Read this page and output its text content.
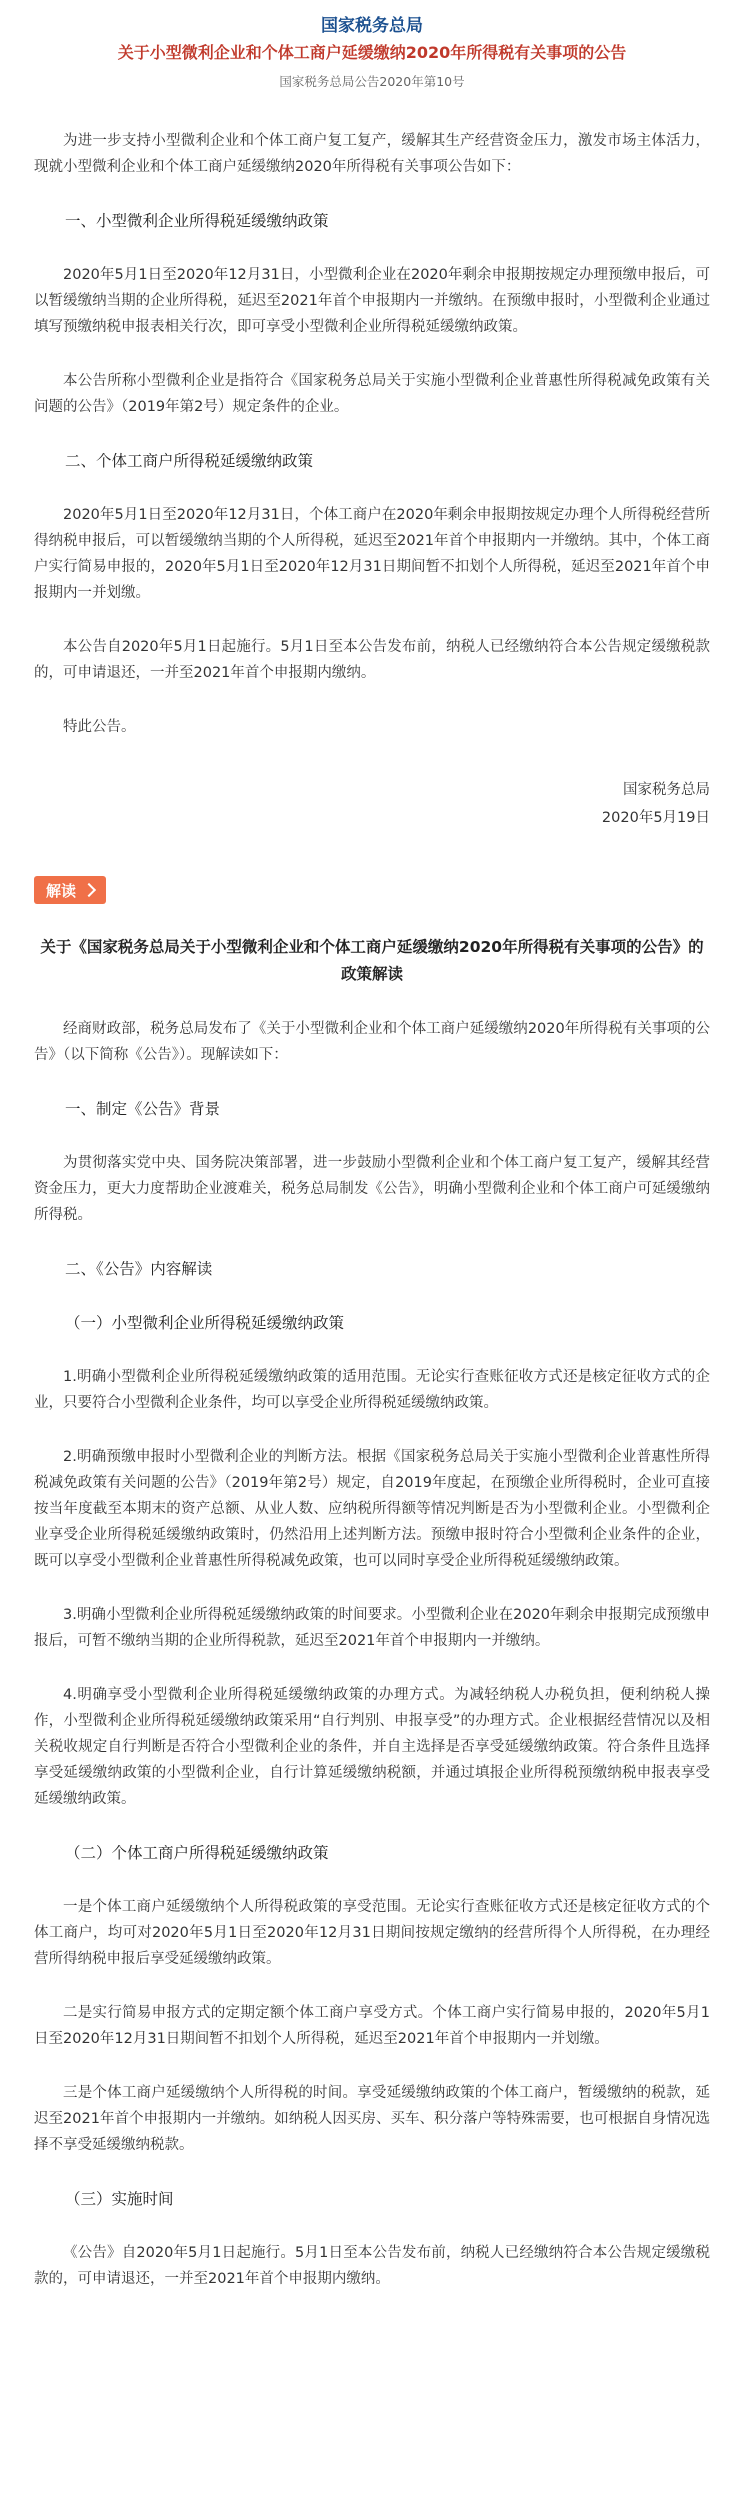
国家税务总局
关于小型微利企业和个体工商户延缓缴纳2020年所得税有关事项的公告
国家税务总局公告2020年第10号

为进一步支持小型微利企业和个体工商户复工复产，缓解其生产经营资金压力，激发市场主体活力，现就小型微利企业和个体工商户延缓缴纳2020年所得税有关事项公告如下：

一、小型微利企业所得税延缓缴纳政策

2020年5月1日至2020年12月31日，小型微利企业在2020年剩余申报期按规定办理预缴申报后，可以暂缓缴纳当期的企业所得税，延迟至2021年首个申报期内一并缴纳。在预缴申报时，小型微利企业通过填写预缴纳税申报表相关行次，即可享受小型微利企业所得税延缓缴纳政策。

本公告所称小型微利企业是指符合《国家税务总局关于实施小型微利企业普惠性所得税减免政策有关问题的公告》（2019年第2号）规定条件的企业。

二、个体工商户所得税延缓缴纳政策

2020年5月1日至2020年12月31日，个体工商户在2020年剩余申报期按规定办理个人所得税经营所得纳税申报后，可以暂缓缴纳当期的个人所得税，延迟至2021年首个申报期内一并缴纳。其中，个体工商户实行简易申报的，2020年5月1日至2020年12月31日期间暂不扣划个人所得税，延迟至2021年首个申报期内一并划缴。

本公告自2020年5月1日起施行。5月1日至本公告发布前，纳税人已经缴纳符合本公告规定缓缴税款的，可申请退还，一并至2021年首个申报期内缴纳。

特此公告。

国家税务总局
2020年5月19日
解读
关于《国家税务总局关于小型微利企业和个体工商户延缓缴纳2020年所得税有关事项的公告》的政策解读

经商财政部，税务总局发布了《关于小型微利企业和个体工商户延缓缴纳2020年所得税有关事项的公告》（以下简称《公告》）。现解读如下：

一、制定《公告》背景

为贯彻落实党中央、国务院决策部署，进一步鼓励小型微利企业和个体工商户复工复产，缓解其经营资金压力，更大力度帮助企业渡难关，税务总局制发《公告》，明确小型微利企业和个体工商户可延缓缴纳所得税。

二、《公告》内容解读
（一）小型微利企业所得税延缓缴纳政策

1.明确小型微利企业所得税延缓缴纳政策的适用范围。无论实行查账征收方式还是核定征收方式的企业，只要符合小型微利企业条件，均可以享受企业所得税延缓缴纳政策。

2.明确预缴申报时小型微利企业的判断方法。根据《国家税务总局关于实施小型微利企业普惠性所得税减免政策有关问题的公告》（2019年第2号）规定，自2019年度起，在预缴企业所得税时，企业可直接按当年度截至本期末的资产总额、从业人数、应纳税所得额等情况判断是否为小型微利企业。小型微利企业享受企业所得税延缓缴纳政策时，仍然沿用上述判断方法。预缴申报时符合小型微利企业条件的企业，既可以享受小型微利企业普惠性所得税减免政策，也可以同时享受企业所得税延缓缴纳政策。

3.明确小型微利企业所得税延缓缴纳政策的时间要求。小型微利企业在2020年剩余申报期完成预缴申报后，可暂不缴纳当期的企业所得税款，延迟至2021年首个申报期内一并缴纳。

4.明确享受小型微利企业所得税延缓缴纳政策的办理方式。为减轻纳税人办税负担，便利纳税人操作，小型微利企业所得税延缓缴纳政策采用“自行判别、申报享受”的办理方式。企业根据经营情况以及相关税收规定自行判断是否符合小型微利企业的条件，并自主选择是否享受延缓缴纳政策。符合条件且选择享受延缓缴纳政策的小型微利企业，自行计算延缓缴纳税额，并通过填报企业所得税预缴纳税申报表享受延缓缴纳政策。

（二）个体工商户所得税延缓缴纳政策

一是个体工商户延缓缴纳个人所得税政策的享受范围。无论实行查账征收方式还是核定征收方式的个体工商户，均可对2020年5月1日至2020年12月31日期间按规定缴纳的经营所得个人所得税，在办理经营所得纳税申报后享受延缓缴纳政策。

二是实行简易申报方式的定期定额个体工商户享受方式。个体工商户实行简易申报的，2020年5月1日至2020年12月31日期间暂不扣划个人所得税，延迟至2021年首个申报期内一并划缴。

三是个体工商户延缓缴纳个人所得税的时间。享受延缓缴纳政策的个体工商户，暂缓缴纳的税款，延迟至2021年首个申报期内一并缴纳。如纳税人因买房、买车、积分落户等特殊需要，也可根据自身情况选择不享受延缓缴纳税款。

（三）实施时间

《公告》自2020年5月1日起施行。5月1日至本公告发布前，纳税人已经缴纳符合本公告规定缓缴税款的，可申请退还，一并至2021年首个申报期内缴纳。
